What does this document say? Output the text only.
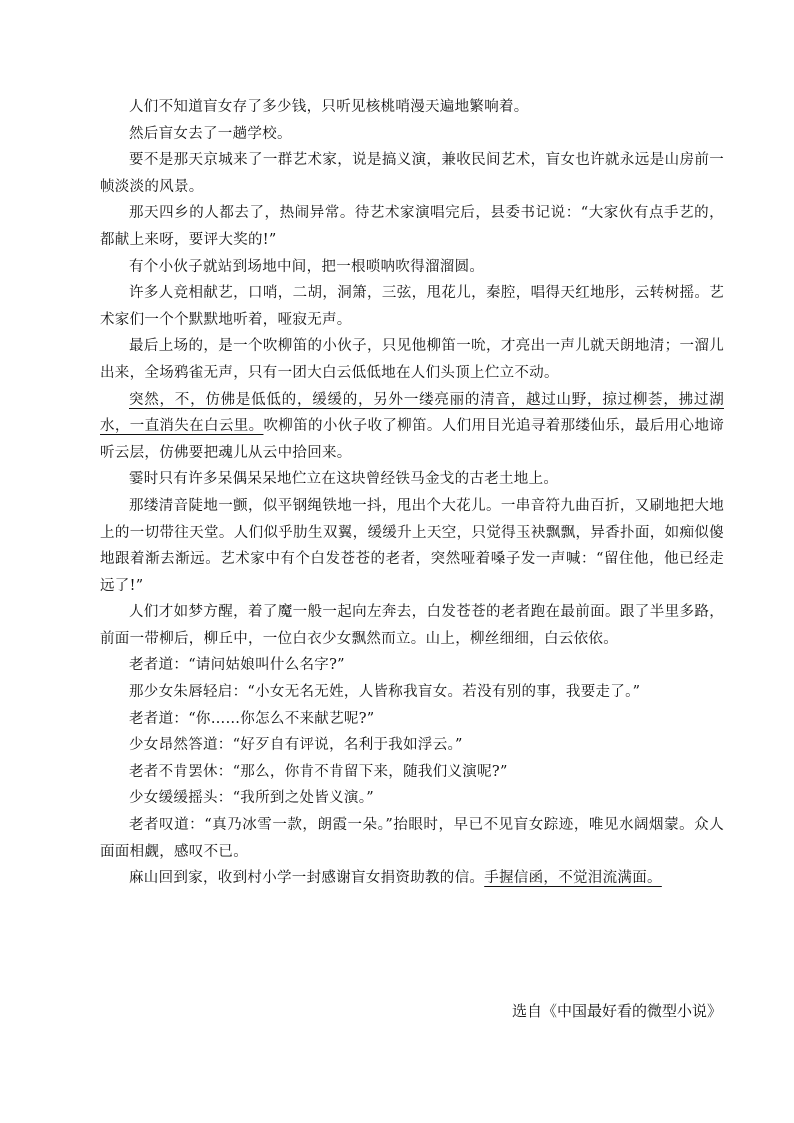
人们不知道盲女存了多少钱，只听见核桃哨漫天遍地繁响着。

然后盲女去了一趟学校。

要不是那天京城来了一群艺术家，说是搞义演，兼收民间艺术，盲女也许就永远是山房前一帧淡淡的风景。

那天四乡的人都去了，热闹异常。待艺术家演唱完后，县委书记说：“大家伙有点手艺的，都献上来呀，要评大奖的!”

有个小伙子就站到场地中间，把一根唢呐吹得溜溜圆。

许多人竞相献艺，口哨，二胡，洞箫，三弦，甩花儿，秦腔，唱得天红地彤，云转树摇。艺术家们一个个默默地听着，哑寂无声。

最后上场的，是一个吹柳笛的小伙子，只见他柳笛一吮，才亮出一声儿就天朗地清；一溜儿出来，全场鸦雀无声，只有一团大白云低低地在人们头顶上伫立不动。

突然，不，仿佛是低低的，缓缓的，另外一缕亮丽的清音，越过山野，掠过柳荟，拂过湖水，一直消失在白云里。吹柳笛的小伙子收了柳笛。人们用目光追寻着那缕仙乐，最后用心地谛听云层，仿佛要把魂儿从云中拾回来。

霎时只有许多呆偶呆呆地伫立在这块曾经铁马金戈的古老土地上。

那缕清音陡地一颤，似平钢绳铁地一抖，甩出个大花儿。一串音符九曲百折，又刷地把大地上的一切带往天堂。人们似乎肋生双翼，缓缓升上天空，只觉得玉袂飘飘，异香扑面，如痴似傻地跟着渐去渐远。艺术家中有个白发苍苍的老者，突然哑着嗓子发一声喊：“留住他，他已经走远了!”

人们才如梦方醒，着了魔一般一起向左奔去，白发苍苍的老者跑在最前面。跟了半里多路，前面一带柳后，柳丘中，一位白衣少女飘然而立。山上，柳丝细细，白云依依。

老者道：“请问姑娘叫什么名字?”

那少女朱唇轻启：“小女无名无姓，人皆称我盲女。若没有别的事，我要走了。”

老者道：“你……你怎么不来献艺呢?”

少女昂然答道：“好歹自有评说，名利于我如浮云。”

老者不肯罢休：“那么，你肯不肯留下来，随我们义演呢?”

少女缓缓摇头：“我所到之处皆义演。”

老者叹道：“真乃冰雪一款，朗霞一朵。”抬眼时，早已不见盲女踪迹，唯见水阔烟蒙。众人面面相觑，感叹不已。

麻山回到家，收到村小学一封感谢盲女捐资助教的信。手握信函，不觉泪流满面。

选自《中国最好看的微型小说》
